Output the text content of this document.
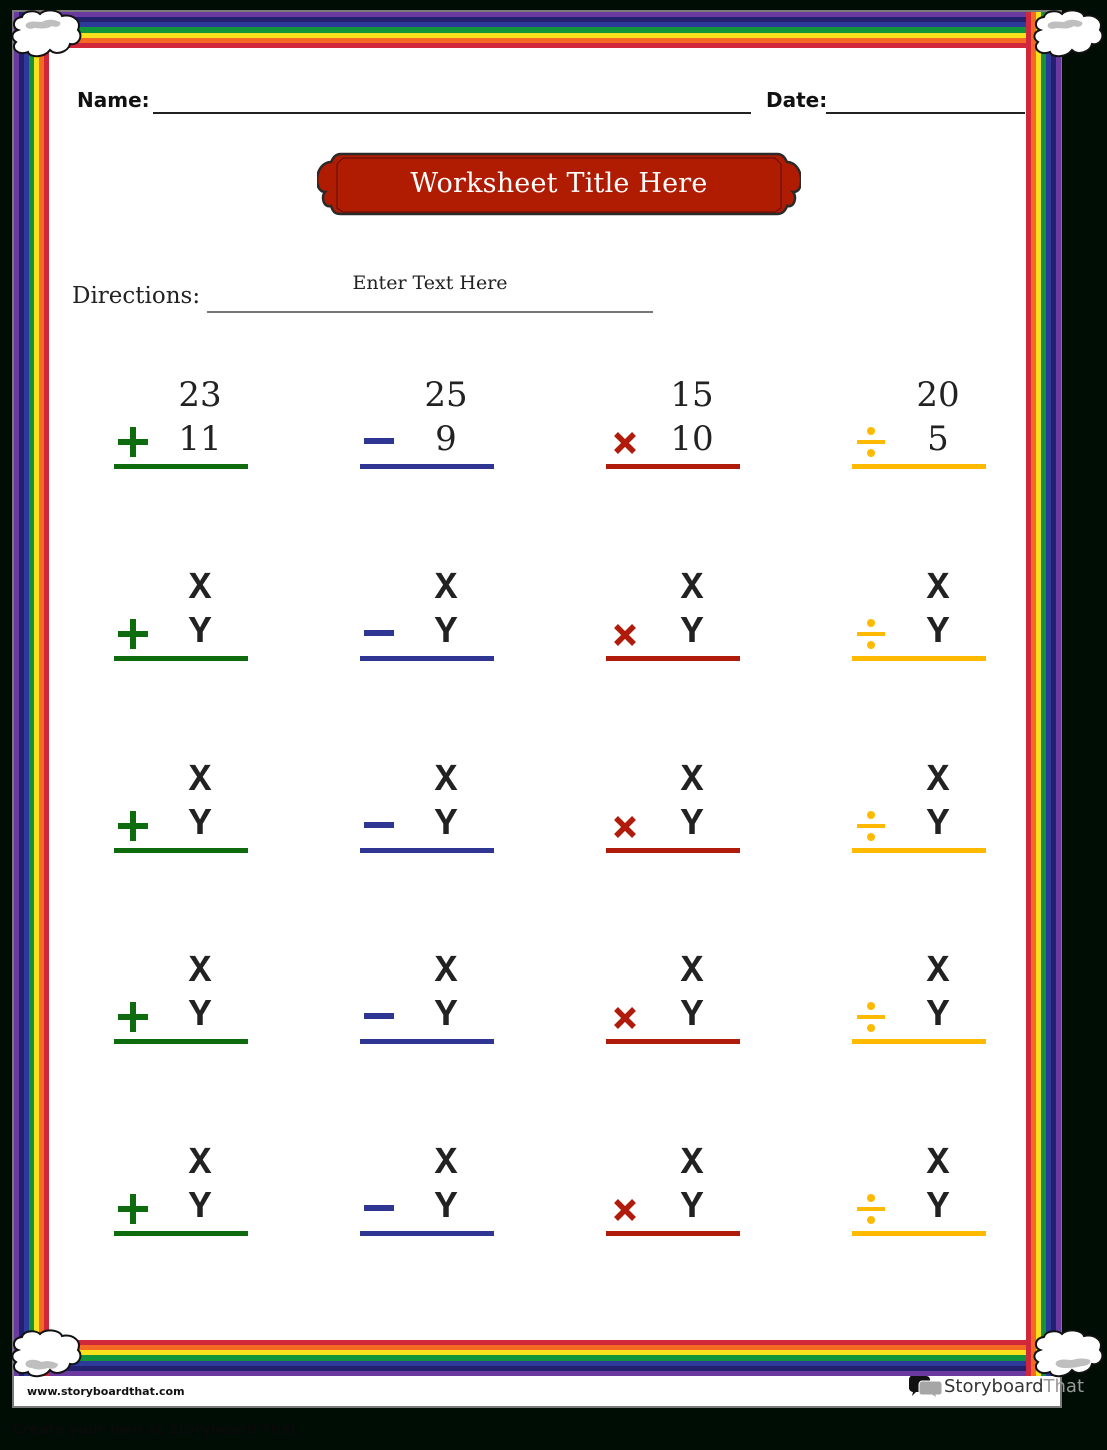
Name:	Date:
Worksheet Title Here
Directions:	Enter Text Here
23
11
25
9
15
10
20
5
X
Y
X
Y
X
Y
X
Y
X
Y
X
Y
X
Y
X
Y
X
Y
X
Y
X
Y
X
Y
X
Y
X
Y
X
Y
X
Y
www.storyboardthat.com	Storyboard That
Create your own at Storyboard That
